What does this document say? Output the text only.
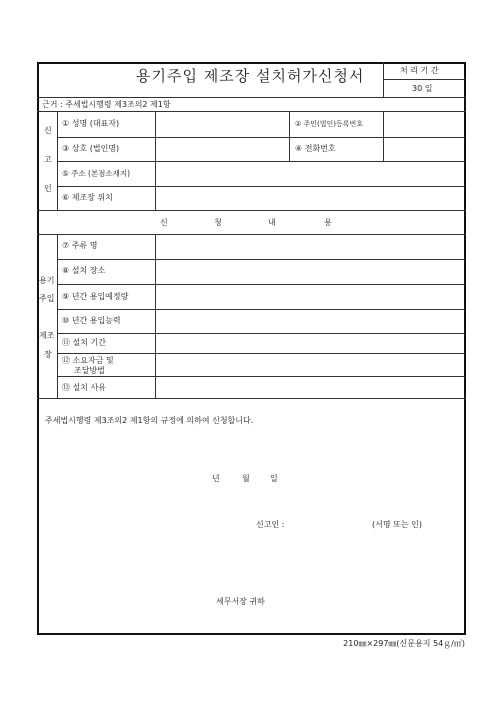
용기주입 제조장 설치허가신청서	처 리 기 간
30 일
근거 : 주세법시행령 제3조의2 제1항
신
고
인
① 성명 (대표자)	② 주민(법인)등록번호
③ 상호 (법인명)	④ 전화번호
⑤ 주소 (본점소재지)
⑥ 제조장 위치
신	청	내	용
용기
주입
제조
장
⑦ 주류 명
⑧ 설치 장소
⑨ 년간 용입예정량
⑩ 년간 용입능력
⑪ 설치 기간
⑫ 소요자금 및
조달방법
⑬ 설치 사유
주세법시행령 제3조의2 제1항의 규정에 의하여 신청합니다.
년	월	일
신고인 :	(서명 또는 인)
세무서장 귀하
210㎜×297㎜(신문용지 54ｇ/㎡)
